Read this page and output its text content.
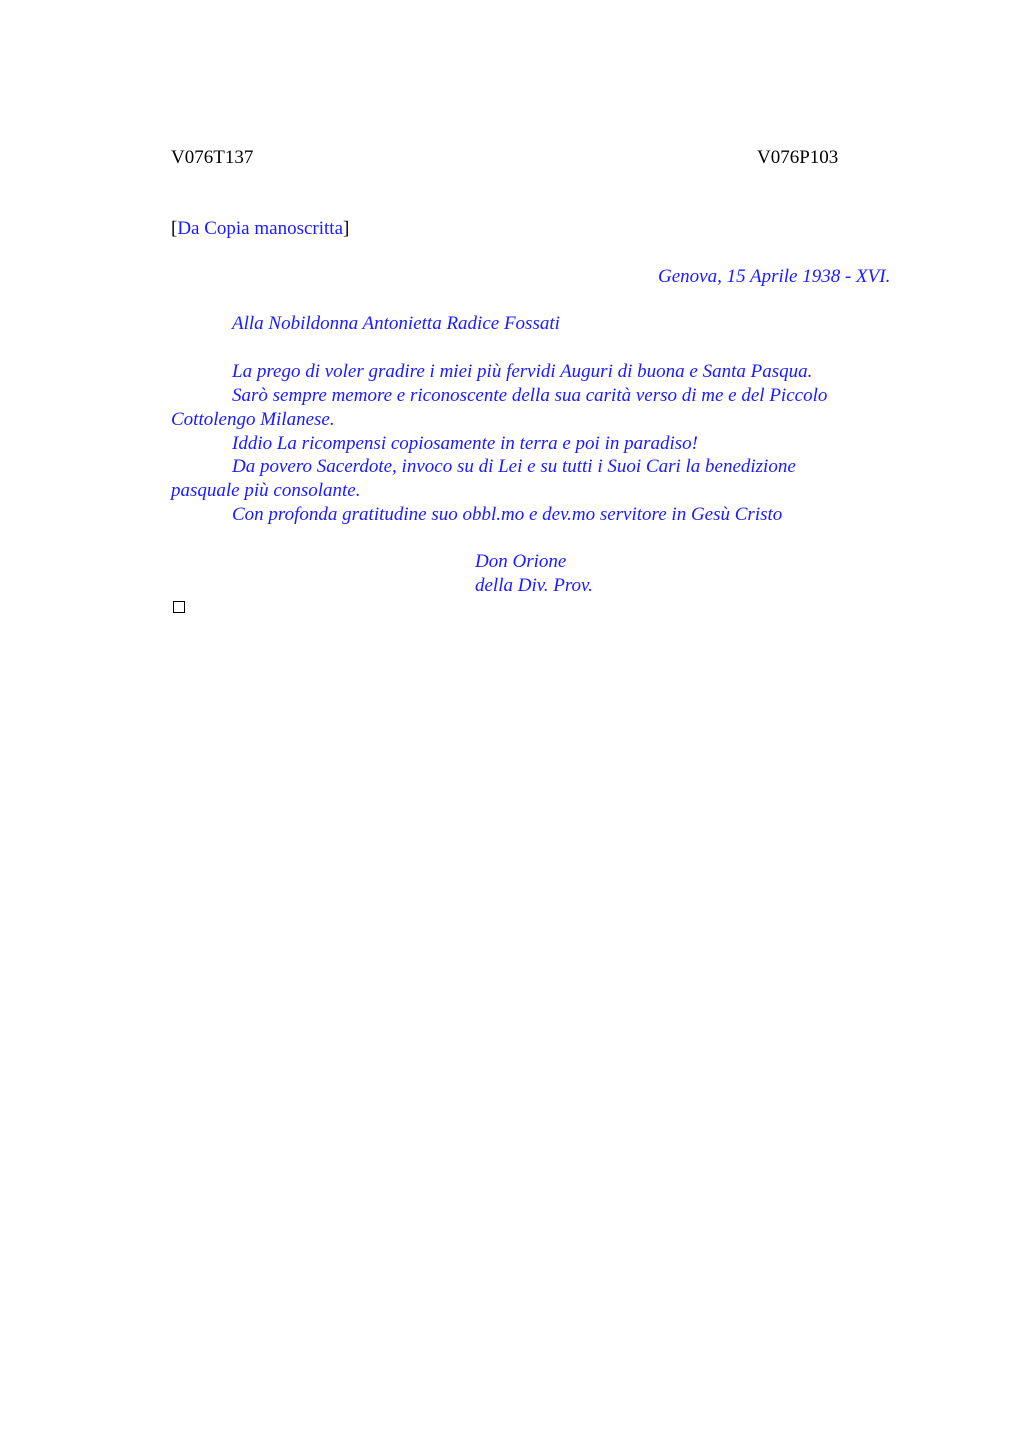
V076T137	V076P103
[Da Copia manoscritta]
Genova, 15 Aprile 1938 - XVI.
Alla Nobildonna Antonietta Radice Fossati
La prego di voler gradire i miei più fervidi Auguri di buona e Santa Pasqua.
Sarò sempre memore e riconoscente della sua carità verso di me e del Piccolo Cottolengo Milanese.
Iddio La ricompensi copiosamente in terra e poi in paradiso!
Da povero Sacerdote, invoco su di Lei e su tutti i Suoi Cari la benedizione pasquale più consolante.
Con profonda gratitudine suo obbl.mo e dev.mo servitore in Gesù Cristo
Don Orione
della Div. Prov.
